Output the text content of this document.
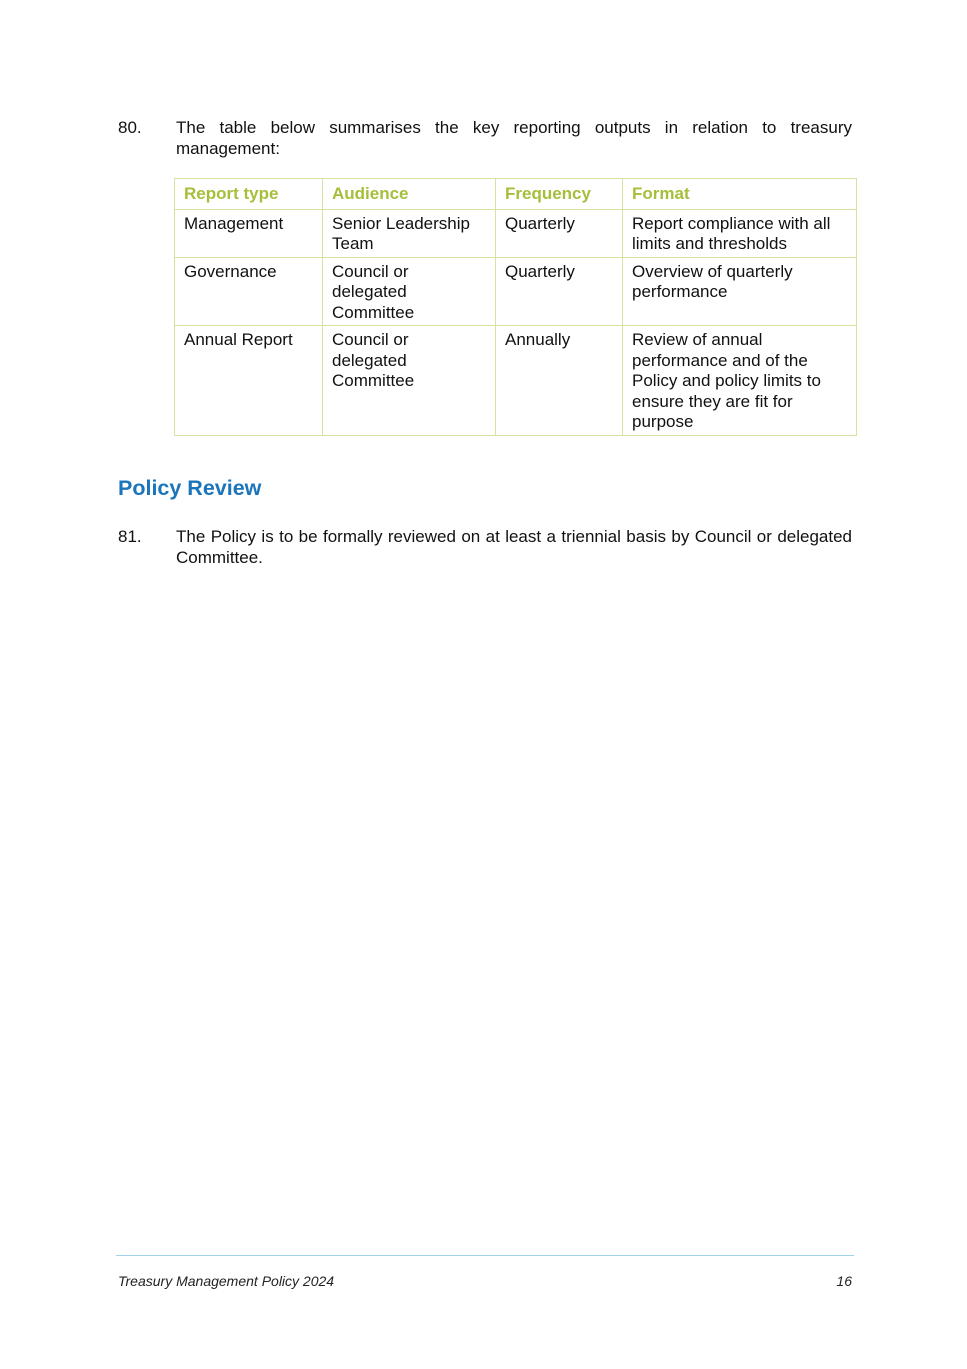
80. The table below summarises the key reporting outputs in relation to treasury management:
Report type	Audience	Frequency	Format
Management	Senior Leadership Team	Quarterly	Report compliance with all limits and thresholds
Governance	Council or delegated Committee	Quarterly	Overview of quarterly performance
Annual Report	Council or delegated Committee	Annually	Review of annual performance and of the Policy and policy limits to ensure they are fit for purpose
Policy Review
81. The Policy is to be formally reviewed on at least a triennial basis by Council or delegated Committee.
Treasury Management Policy 2024	16
